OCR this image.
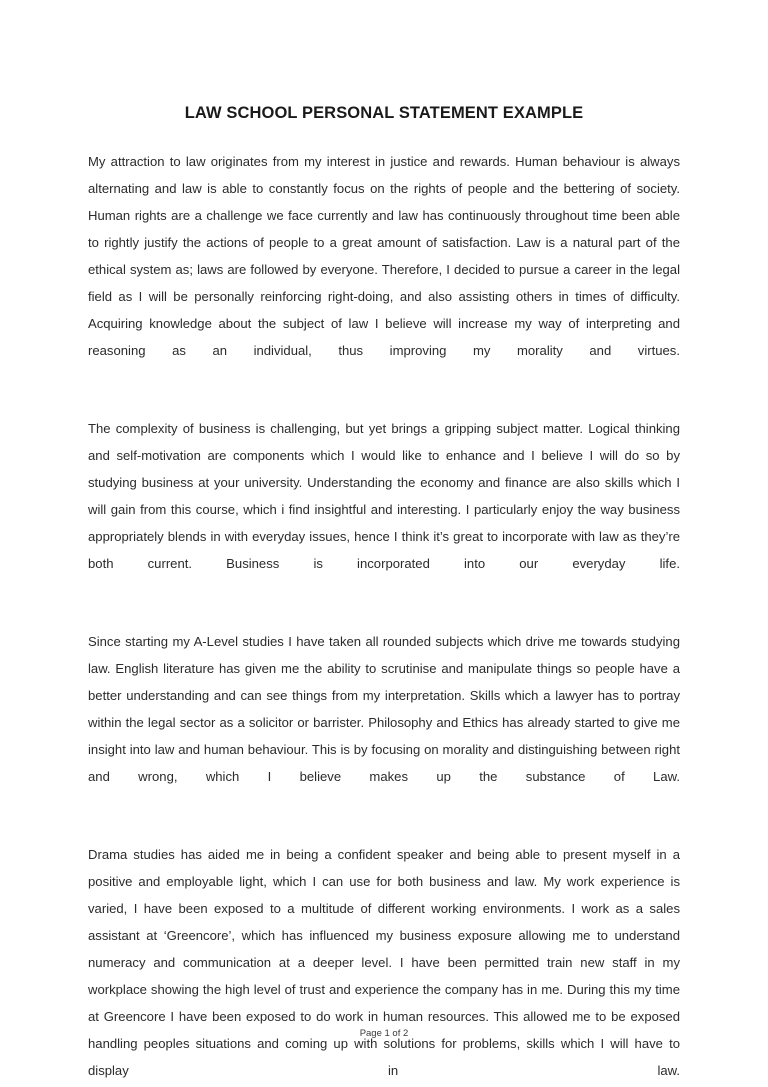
LAW SCHOOL PERSONAL STATEMENT EXAMPLE

My attraction to law originates from my interest in justice and rewards. Human behaviour is always alternating and law is able to constantly focus on the rights of people and the bettering of society. Human rights are a challenge we face currently and law has continuously throughout time been able to rightly justify the actions of people to a great amount of satisfaction. Law is a natural part of the ethical system as; laws are followed by everyone. Therefore, I decided to pursue a career in the legal field as I will be personally reinforcing right-doing, and also assisting others in times of difficulty. Acquiring knowledge about the subject of law I believe will increase my way of interpreting and reasoning as an individual, thus improving my morality and virtues.

The complexity of business is challenging, but yet brings a gripping subject matter. Logical thinking and self-motivation are components which I would like to enhance and I believe I will do so by studying business at your university. Understanding the economy and finance are also skills which I will gain from this course, which i find insightful and interesting. I particularly enjoy the way business appropriately blends in with everyday issues, hence I think it’s great to incorporate with law as they’re both current. Business is incorporated into our everyday life.

Since starting my A-Level studies I have taken all rounded subjects which drive me towards studying law. English literature has given me the ability to scrutinise and manipulate things so people have a better understanding and can see things from my interpretation. Skills which a lawyer has to portray within the legal sector as a solicitor or barrister. Philosophy and Ethics has already started to give me insight into law and human behaviour. This is by focusing on morality and distinguishing between right and wrong, which I believe makes up the substance of Law.

Drama studies has aided me in being a confident speaker and being able to present myself in a positive and employable light, which I can use for both business and law. My work experience is varied, I have been exposed to a multitude of different working environments. I work as a sales assistant at ‘Greencore’, which has influenced my business exposure allowing me to understand numeracy and communication at a deeper level. I have been permitted train new staff in my workplace showing the high level of trust and experience the company has in me. During this my time at Greencore I have been exposed to do work in human resources. This allowed me to be exposed handling peoples situations and coming up with solutions for problems, skills which I will have to display in law.

Page 1 of 2
